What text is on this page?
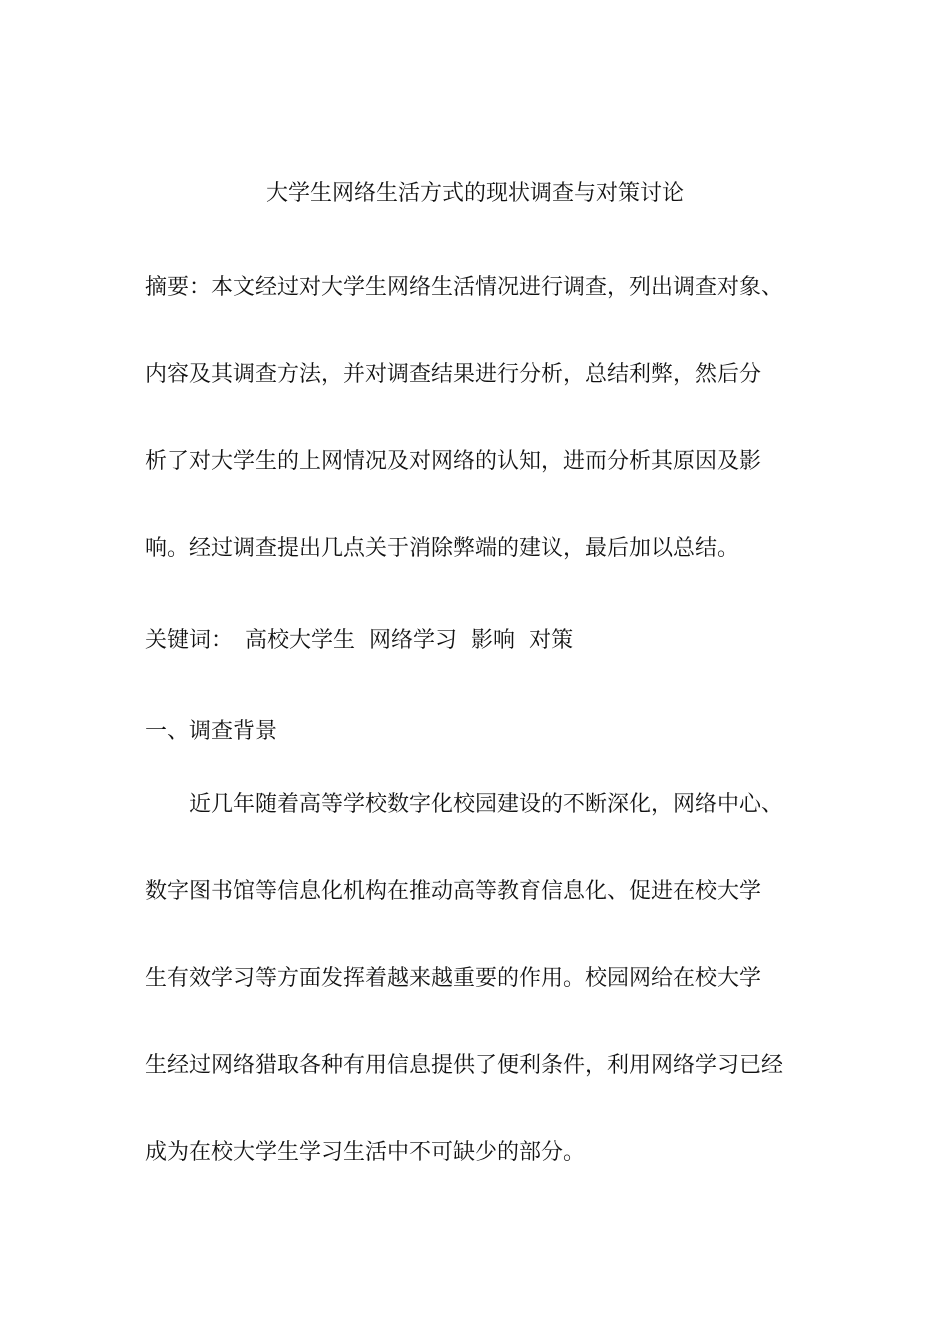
大学生网络生活方式的现状调查与对策讨论
摘要：本文经过对大学生网络生活情况进行调查，列出调查对象、
内容及其调查方法，并对调查结果进行分析，总结利弊，然后分
析了对大学生的上网情况及对网络的认知，进而分析其原因及影
响。经过调查提出几点关于消除弊端的建议，最后加以总结。
关键词： 高校大学生 网络学习 影响 对策
一、调查背景
近几年随着高等学校数字化校园建设的不断深化，网络中心、
数字图书馆等信息化机构在推动高等教育信息化、促进在校大学
生有效学习等方面发挥着越来越重要的作用。校园网给在校大学
生经过网络猎取各种有用信息提供了便利条件，利用网络学习已经
成为在校大学生学习生活中不可缺少的部分。
